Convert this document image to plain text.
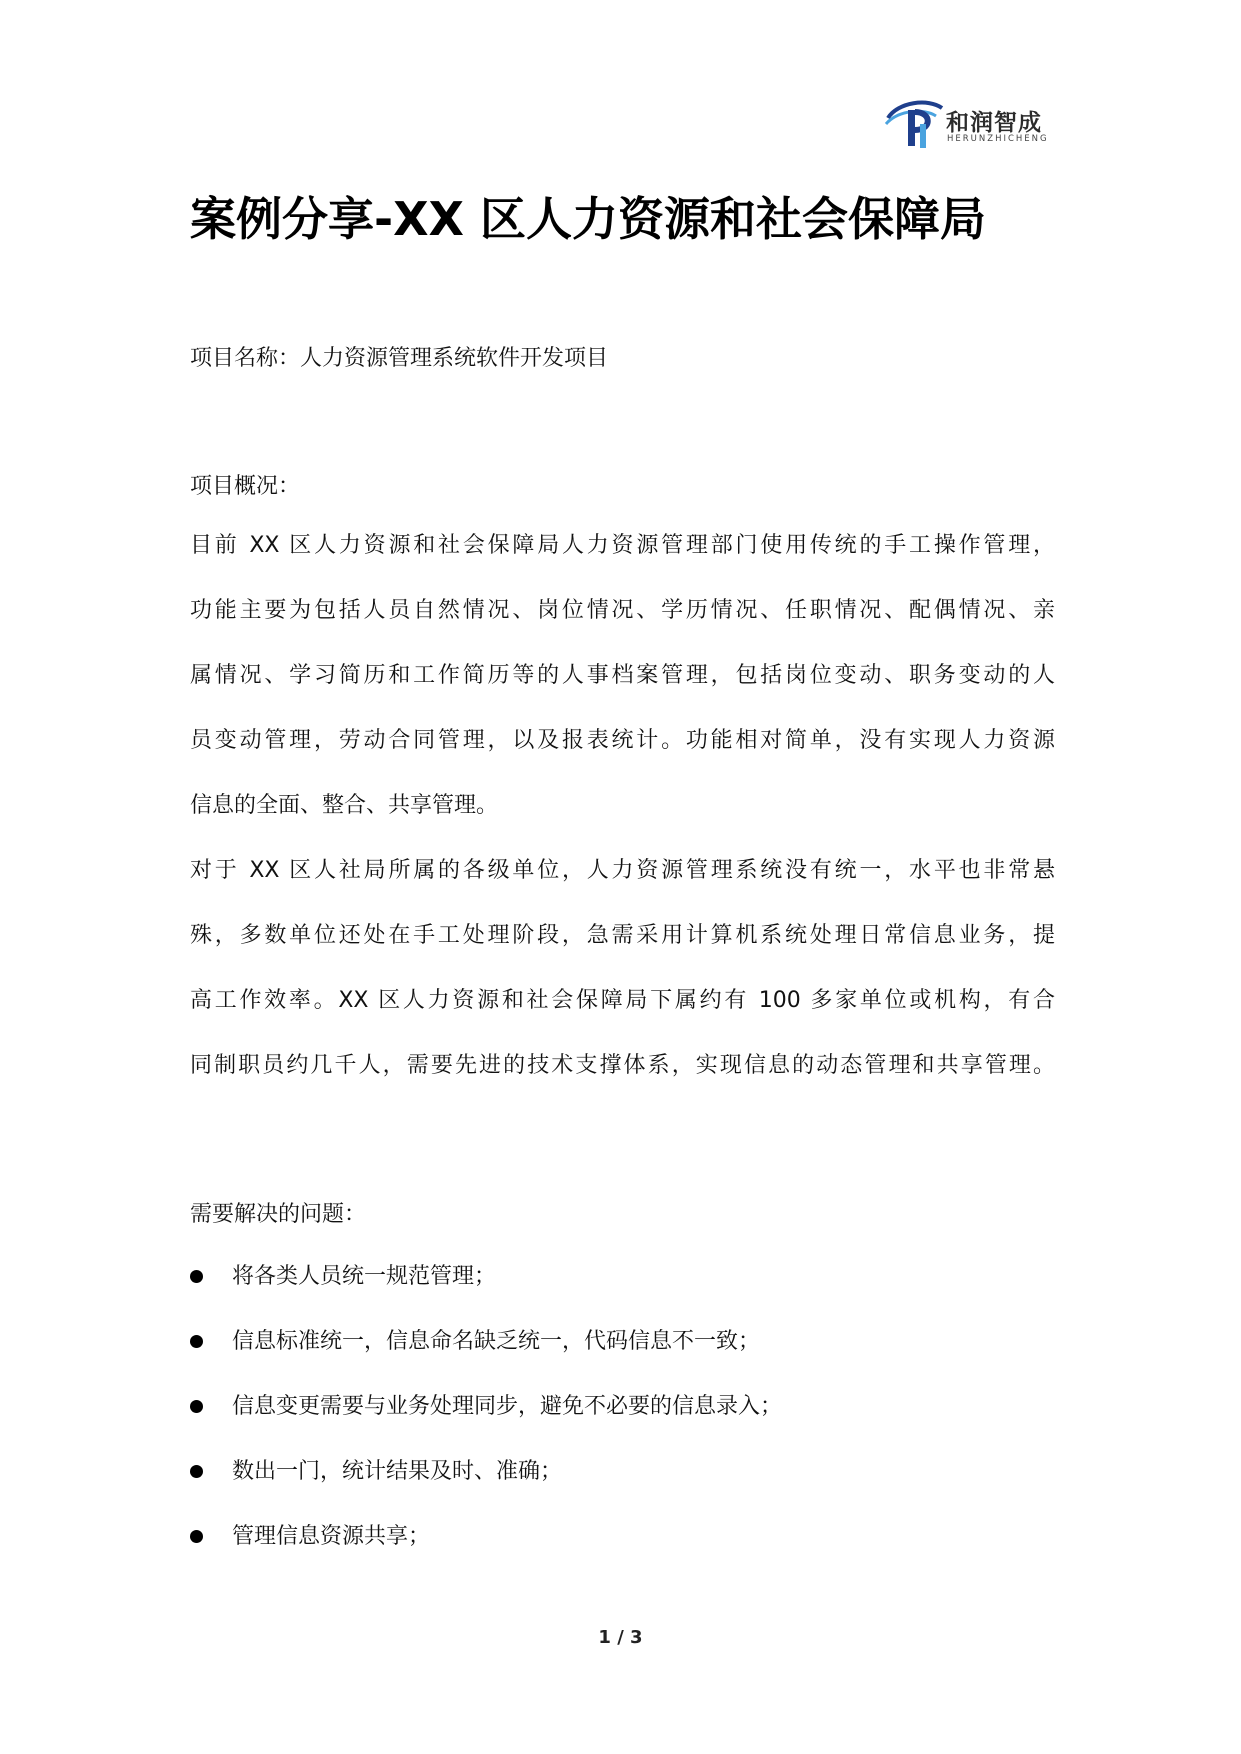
和润智成
HERUNZHICHENG
案例分享-XX 区人力资源和社会保障局

项目名称：人力资源管理系统软件开发项目

项目概况：

目前 XX 区人力资源和社会保障局人力资源管理部门使用传统的手工操作管理，
功能主要为包括人员自然情况、岗位情况、学历情况、任职情况、配偶情况、亲
属情况、学习简历和工作简历等的人事档案管理，包括岗位变动、职务变动的人
员变动管理，劳动合同管理，以及报表统计。功能相对简单，没有实现人力资源
信息的全面、整合、共享管理。
对于 XX 区人社局所属的各级单位，人力资源管理系统没有统一，水平也非常悬
殊，多数单位还处在手工处理阶段，急需采用计算机系统处理日常信息业务，提
高工作效率。XX 区人力资源和社会保障局下属约有 100 多家单位或机构，有合
同制职员约几千人，需要先进的技术支撑体系，实现信息的动态管理和共享管理。

需要解决的问题：

将各类人员统一规范管理；
信息标准统一，信息命名缺乏统一，代码信息不一致；
信息变更需要与业务处理同步，避免不必要的信息录入；
数出一门，统计结果及时、准确；
管理信息资源共享；
1 / 3
